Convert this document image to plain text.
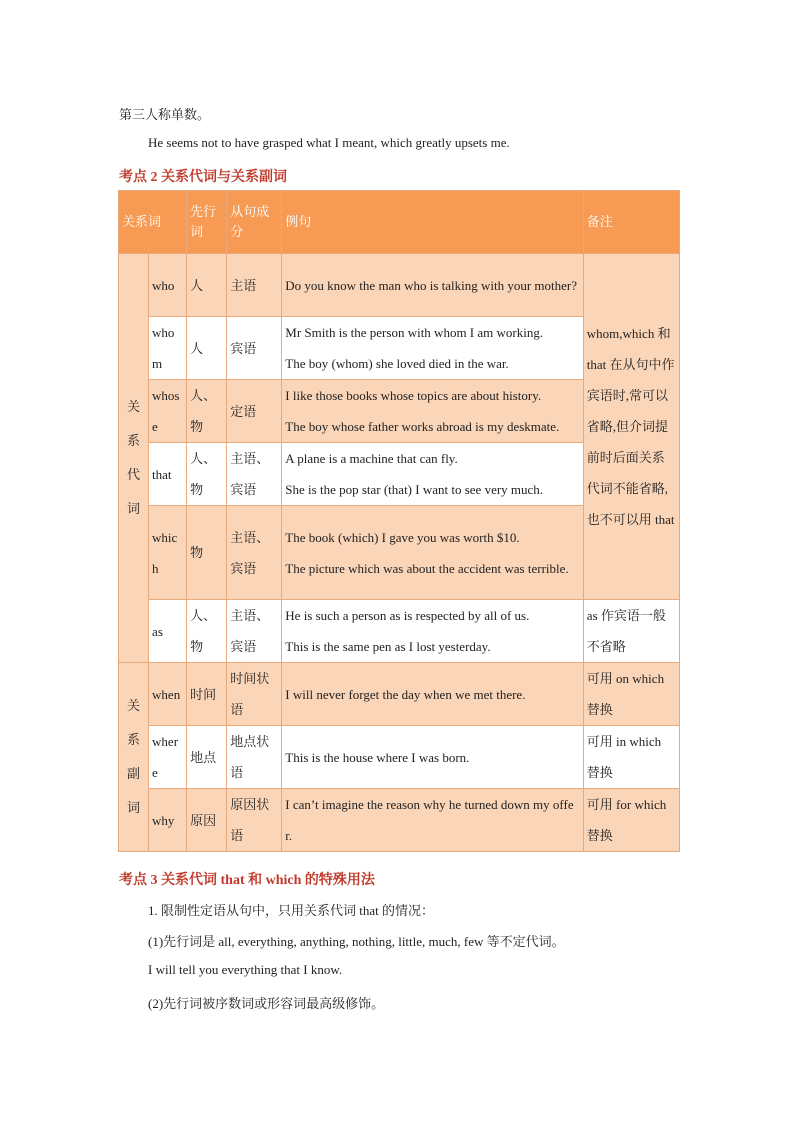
第三人称单数。
He seems not to have grasped what I meant, which greatly upsets me.
考点 2 关系代词与关系副词
关系词		先行词	从句成分	例句	备注
关
系
代
词	who	人	主语	Do you know the man who is talking with your mother?	whom,which 和 that 在从句中作宾语时,常可以省略,但介词提前时后面关系代词不能省略,也不可以用 that
	whom	人	宾语	Mr Smith is the person with whom I am working.

The boy (whom) she loved died in the war.	

	whose	人、物	定语	I like those books whose topics are about history.

The boy whose father works abroad is my deskmate.	

	that	人、物	主语、宾语	A plane is a machine that can fly.

She is the pop star (that) I want to see very much.	

	which	物	主语、宾语	The book (which) I gave you was worth $10.

The picture which was about the accident was terrible.	

	as	人、物	主语、宾语	He is such a person as is respected by all of us.

This is the same pen as I lost yesterday.	as 作宾语一般不省略
关
系
副
词	when	时间	时间状语	I will never forget the day when we met there.	可用 on which 替换
	where	地点	地点状语	This is the house where I was born.	可用 in which 替换
	why	原因	原因状语	I can’t imagine the reason why he turned down my offer.	可用 for which 替换
考点 3 关系代词 that 和 which 的特殊用法
1. 限制性定语从句中，只用关系代词 that 的情况：
(1)先行词是 all, everything, anything, nothing, little, much, few 等不定代词。
I will tell you everything that I know.
(2)先行词被序数词或形容词最高级修饰。
